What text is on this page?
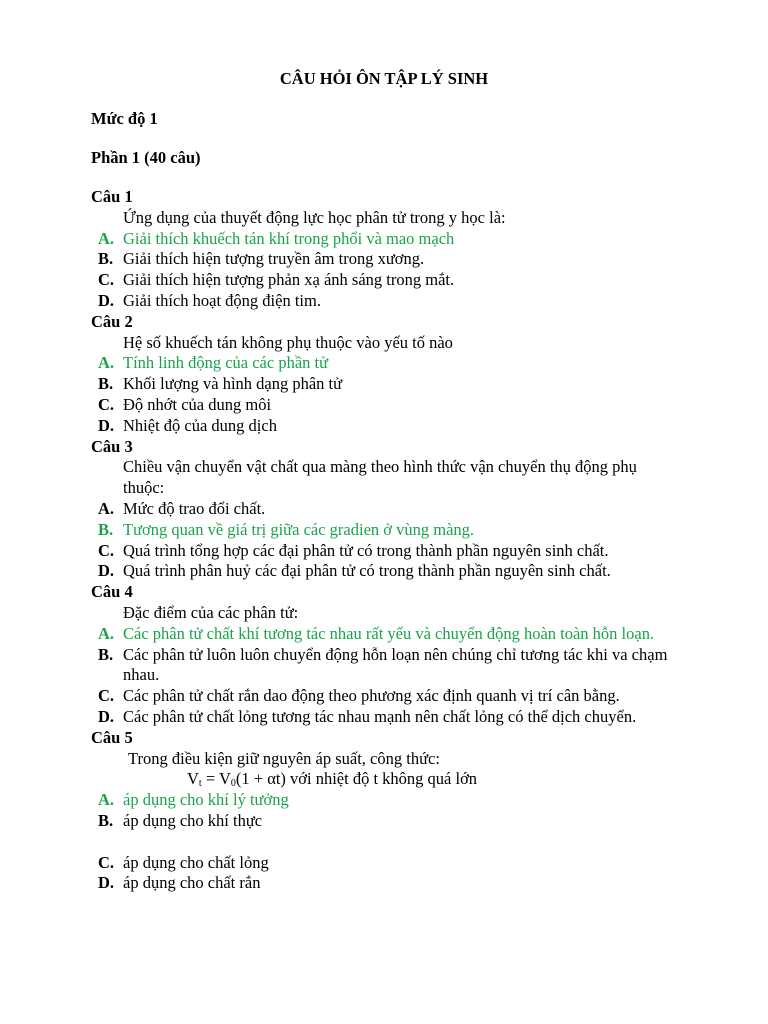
CÂU HỎI ÔN TẬP LÝ SINH
Mức độ 1
Phần 1 (40 câu)
Câu 1
Ứng dụng của thuyết động lực học phân tử trong y học là:
A. Giải thích khuếch tán khí trong phổi và mao mạch
B. Giải thích hiện tượng truyền âm trong xương.
C. Giải thích hiện tượng phản xạ ánh sáng trong mắt.
D. Giải thích hoạt động điện tim.
Câu 2
Hệ số khuếch tán không phụ thuộc vào yếu tố nào
A. Tính linh động của các phần tử
B. Khối lượng và hình dạng phân tử
C. Độ nhớt của dung môi
D. Nhiệt độ của dung dịch
Câu 3
Chiều vận chuyển vật chất qua màng theo hình thức vận chuyển thụ động phụ thuộc:
A. Mức độ trao đổi chất.
B. Tương quan về giá trị giữa các gradien ở vùng màng.
C. Quá trình tổng hợp các đại phân tử có trong thành phần nguyên sinh chất.
D. Quá trình phân huỷ các đại phân tử có trong thành phần nguyên sinh chất.
Câu 4
Đặc điểm của các phân tử:
A. Các phân tử chất khí tương tác nhau rất yếu và chuyển động hoàn toàn hỗn loạn.
B. Các phân tử luôn luôn chuyển động hỗn loạn nên chúng chỉ tương tác khi va chạm nhau.
C. Các phân tử chất rắn dao động theo phương xác định quanh vị trí cân bằng.
D. Các phân tử chất lỏng tương tác nhau mạnh nên chất lỏng có thể dịch chuyển.
Câu 5
Trong điều kiện giữ nguyên áp suất, công thức:
$V_t = V_0(1 + \alpha t)$ với nhiệt độ t không quá lớn
A. áp dụng cho khí lý tưởng
B. áp dụng cho khí thực
C. áp dụng cho chất lỏng
D. áp dụng cho chất rắn
